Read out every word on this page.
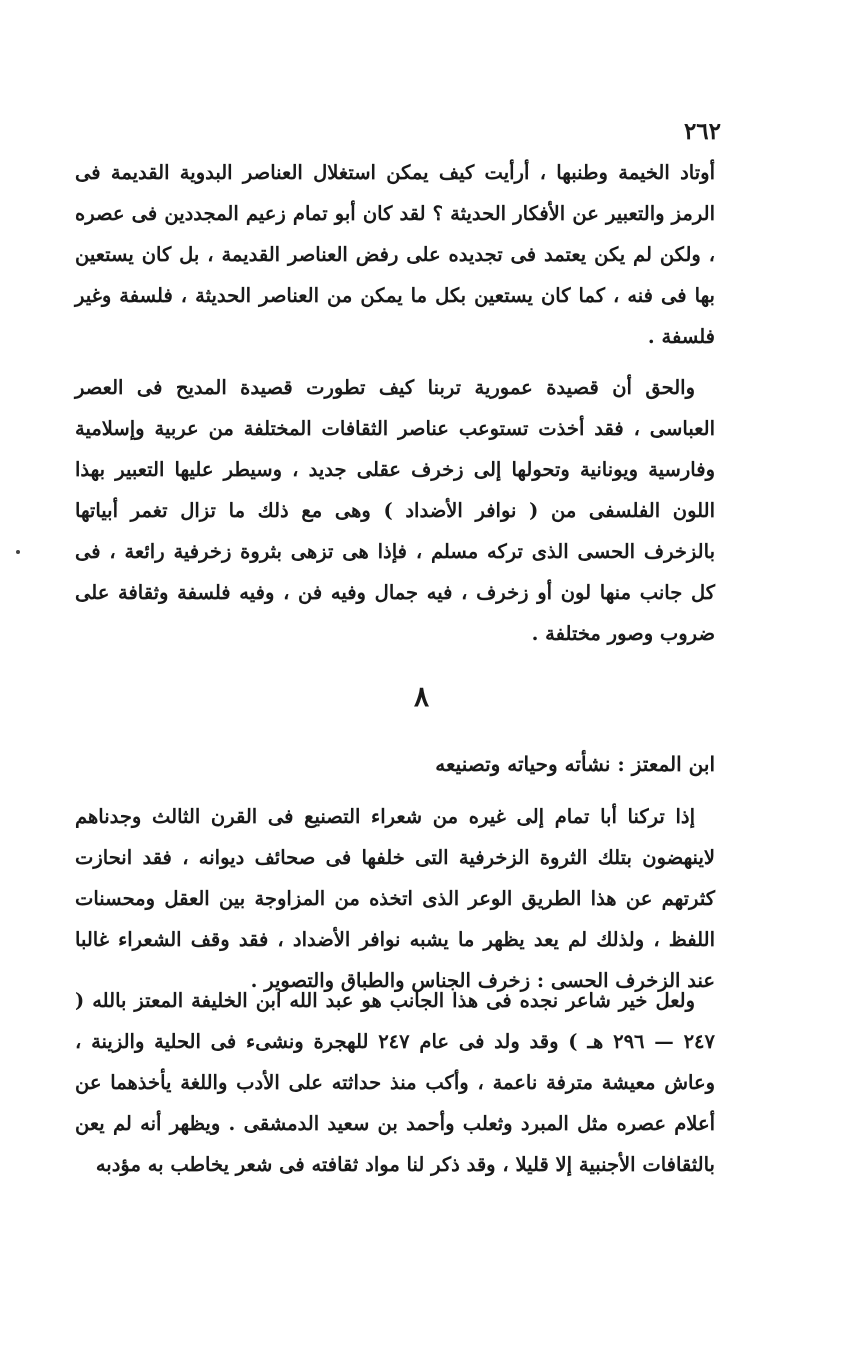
٢٦٢

أوتاد الخيمة وطنبها ، أرأيت كيف يمكن استغلال العناصر البدوية القديمة فى الرمز والتعبير عن الأفكار الحديثة ؟ لقد كان أبو تمام زعيم المجددين فى عصره ، ولكن لم يكن يعتمد فى تجديده على رفض العناصر القديمة ، بل كان يستعين بها فى فنه ، كما كان يستعين بكل ما يمكن من العناصر الحديثة ، فلسفة وغير فلسفة .

والحق أن قصيدة عمورية تربنا كيف تطورت قصيدة المديح فى العصر العباسى ، فقد أخذت تستوعب عناصر الثقافات المختلفة من عربية وإسلامية وفارسية ويونانية وتحولها إلى زخرف عقلى جديد ، وسيطر عليها التعبير بهذا اللون الفلسفى من ( نوافر الأضداد ) وهى مع ذلك ما تزال تغمر أبياتها بالزخرف الحسى الذى تركه مسلم ، فإذا هى تزهى بثروة زخرفية رائعة ، فى كل جانب منها لون أو زخرف ، فيه جمال وفيه فن ، وفيه فلسفة وثقافة على ضروب وصور مختلفة .

٨

ابن المعتز : نشأته وحياته وتصنيعه

إذا تركنا أبا تمام إلى غيره من شعراء التصنيع فى القرن الثالث وجدناهم لاينهضون بتلك الثروة الزخرفية التى خلفها فى صحائف ديوانه ، فقد انحازت كثرتهم عن هذا الطريق الوعر الذى اتخذه من المزاوجة بين العقل ومحسنات اللفظ ، ولذلك لم يعد يظهر ما يشبه نوافر الأضداد ، فقد وقف الشعراء غالبا عند الزخرف الحسى : زخرف الجناس والطباق والتصوير .

ولعل خير شاعر نجده فى هذا الجانب هو عبد الله ابن الخليفة المعتز بالله ( ٢٤٧ — ٢٩٦ هـ ) وقد ولد فى عام ٢٤٧ للهجرة ونشىء فى الحلية والزينة ، وعاش معيشة مترفة ناعمة ، وأكب منذ حداثته على الأدب واللغة يأخذهما عن أعلام عصره مثل المبرد وثعلب وأحمد بن سعيد الدمشقى . ويظهر أنه لم يعن بالثقافات الأجنبية إلا قليلا ، وقد ذكر لنا مواد ثقافته فى شعر يخاطب به مؤدبه
